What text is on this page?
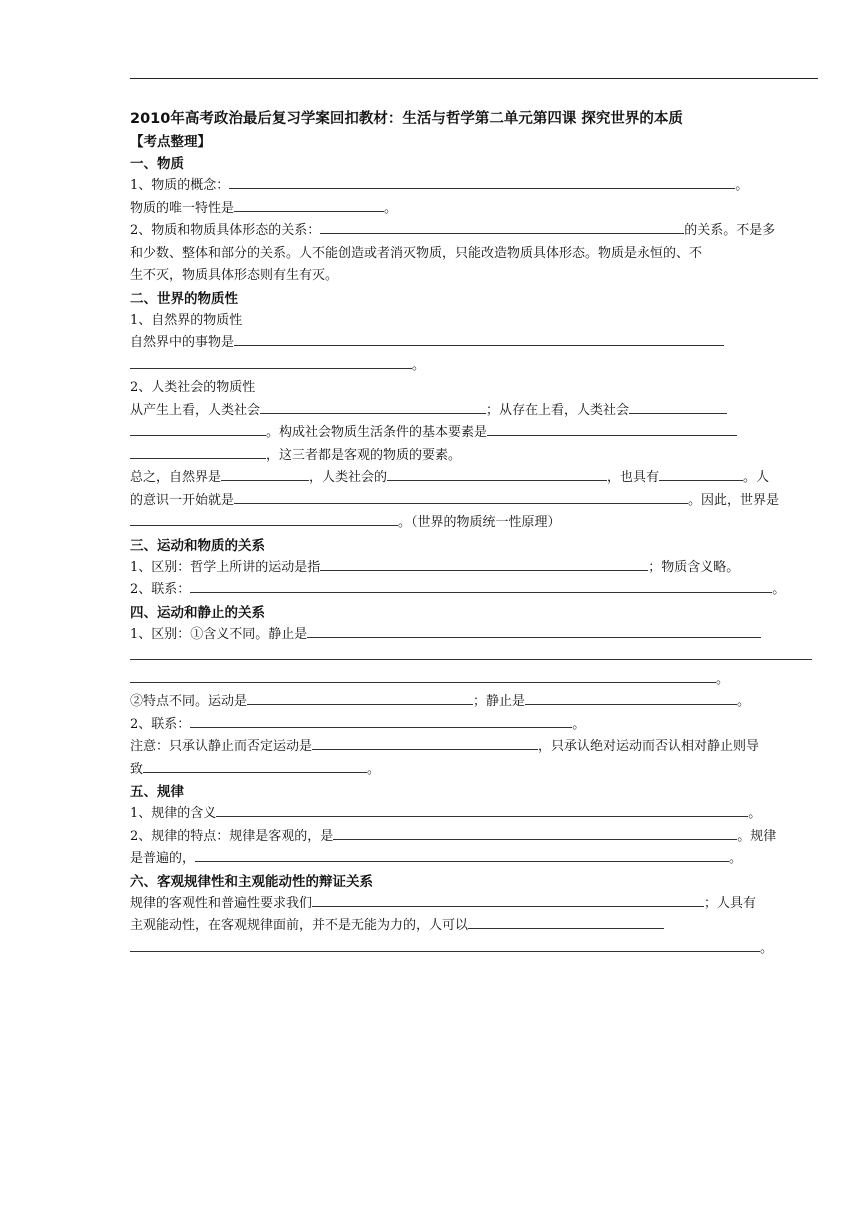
2010年高考政治最后复习学案回扣教材：生活与哲学第二单元第四课 探究世界的本质
【考点整理】
一、物质
1、物质的概念：	。
物质的唯一特性是	。
2、物质和物质具体形态的关系：	的关系。不是多
和少数、整体和部分的关系。人不能创造或者消灭物质，只能改造物质具体形态。物质是永恒的、不
生不灭，物质具体形态则有生有灭。
二、世界的物质性
1、自然界的物质性
自然界中的事物是
。
2、人类社会的物质性
从产生上看，人类社会	；从存在上看，人类社会
。构成社会物质生活条件的基本要素是
，这三者都是客观的物质的要素。
总之，自然界是	，人类社会的	，也具有	。人
的意识一开始就是	。因此，世界是
。（世界的物质统一性原理）
三、运动和物质的关系
1、区别：哲学上所讲的运动是指	；物质含义略。
2、联系：	。
四、运动和静止的关系
1、区别：①含义不同。静止是
。
②特点不同。运动是	；静止是	。
2、联系：	。
注意：只承认静止而否定运动是	，只承认绝对运动而否认相对静止则导
致	。
五、规律
1、规律的含义	。
2、规律的特点：规律是客观的，是	。规律
是普遍的，	。
六、客观规律性和主观能动性的辩证关系
规律的客观性和普遍性要求我们	；人具有
主观能动性，在客观规律面前，并不是无能为力的，人可以
。
